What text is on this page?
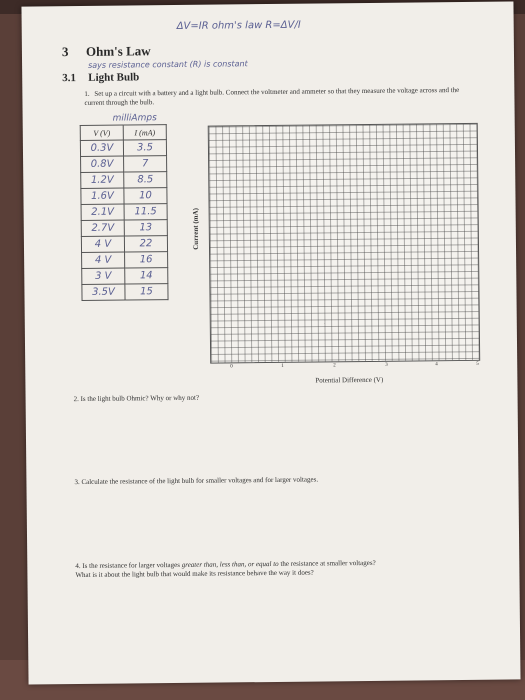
ΔV=IR ohm's law R=ΔV/I
3 Ohm's Law
says resistance constant (R) is constant
3.1 Light Bulb
1. Set up a circuit with a battery and a light bulb. Connect the voltmeter and ammeter so that they measure the voltage across and the current through the bulb.
milliAmps
V (V)	I (mA)
0.3V	3.5
0.8V	7
1.2V	8.5
1.6V	10
2.1V	11.5
2.7V	13
4 V	22
4 V	16
3 V	14
3.5V	15
Current (mA)
0	1	2	3	4	5
Potential Difference (V)
2. Is the light bulb Ohmic? Why or why not?
3. Calculate the resistance of the light bulb for smaller voltages and for larger voltages.
4. Is the resistance for larger voltages greater than, less than, or equal to the resistance at smaller voltages?
What is it about the light bulb that would make its resistance behave the way it does?
